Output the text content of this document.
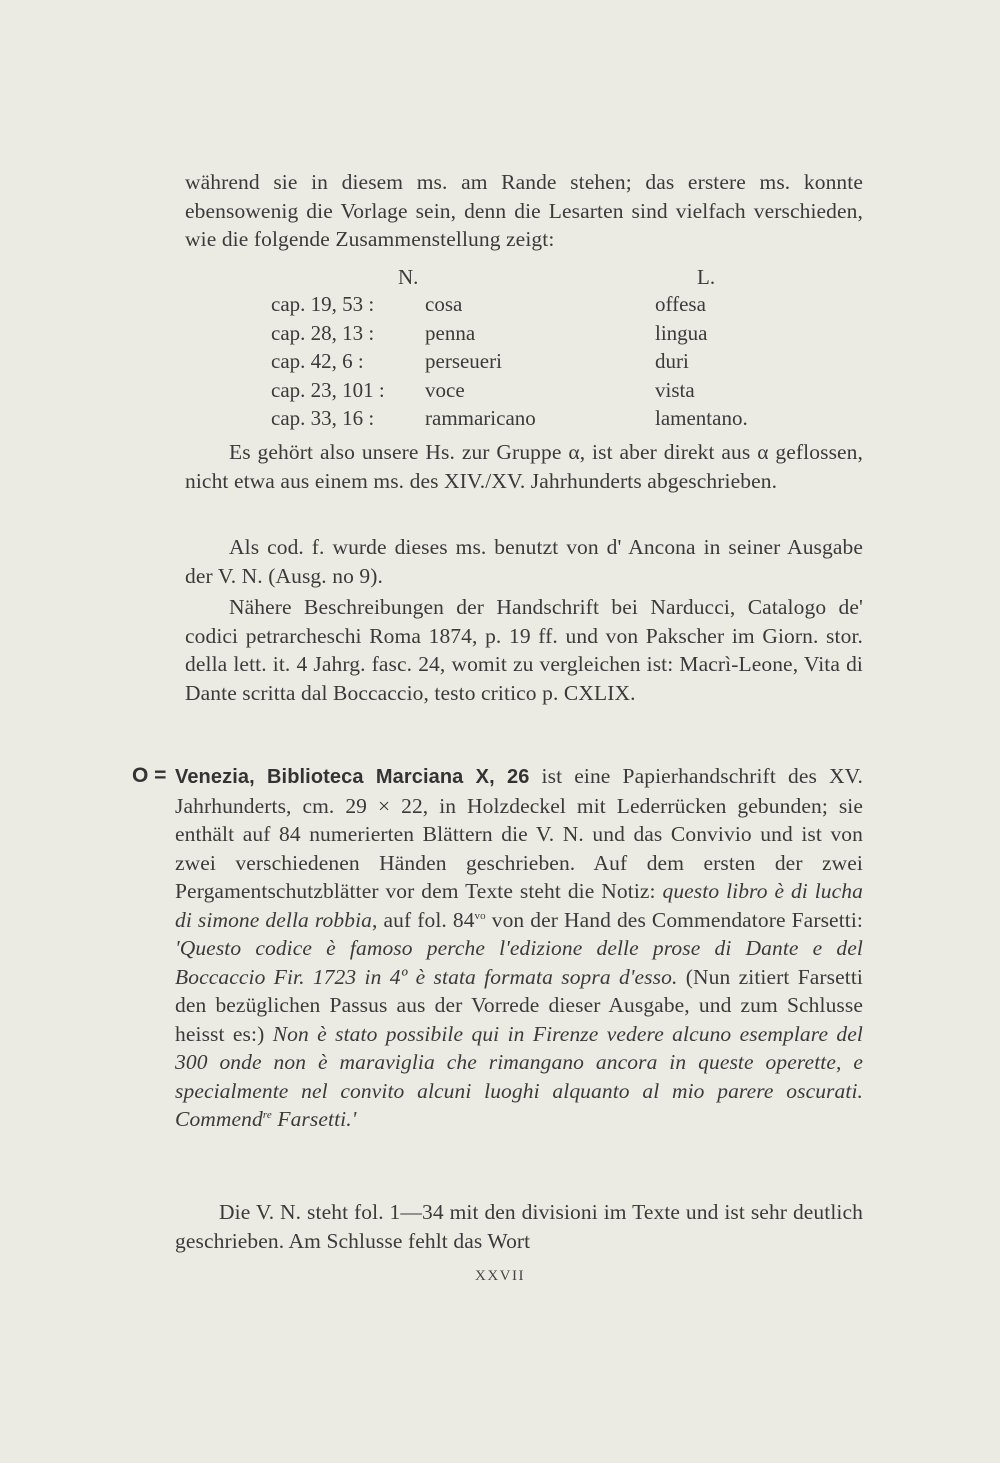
während sie in diesem ms. am Rande stehen; das erstere ms. konnte ebensowenig die Vorlage sein, denn die Lesarten sind vielfach verschieden, wie die folgende Zusammenstellung zeigt:
N.	L.
cap. 19, 53 : cosa	offesa
cap. 28, 13 : penna	lingua
cap. 42, 6 :	perseueri	duri
cap. 23, 101 : voce	vista
cap. 33, 16 : rammaricano	lamentano.
Es gehört also unsere Hs. zur Gruppe α, ist aber direkt aus α geflossen, nicht etwa aus einem ms. des XIV./XV. Jahrhunderts abgeschrieben.
Als cod. f. wurde dieses ms. benutzt von d' Ancona in seiner Ausgabe der V. N. (Ausg. no 9).
Nähere Beschreibungen der Handschrift bei Narducci, Catalogo de' codici petrarcheschi Roma 1874, p. 19 ff. und von Pakscher im Giorn. stor. della lett. it. 4 Jahrg. fasc. 24, womit zu vergleichen ist: Macrì-Leone, Vita di Dante scritta dal Boccaccio, testo critico p. CXLIX.
O = Venezia, Biblioteca Marciana X, 26 ist eine Papierhandschrift des XV. Jahrhunderts, cm. 29 × 22, in Holzdeckel mit Lederrücken gebunden; sie enthält auf 84 numerierten Blättern die V. N. und das Convivio und ist von zwei verschiedenen Händen geschrieben. Auf dem ersten der zwei Pergamentschutzblätter vor dem Texte steht die Notiz: questo libro è di lucha di simone della robbia, auf fol. $84^{vo}$ von der Hand des Commendatore Farsetti: 'Questo codice è famoso perche l'edizione delle prose di Dante e del Boccaccio Fir. 1723 in 4º è stata formata sopra d'esso. (Nun zitiert Farsetti den bezüglichen Passus aus der Vorrede dieser Ausgabe, und zum Schlusse heisst es:) Non è stato possibile qui in Firenze vedere alcuno esemplare del 300 onde non è maraviglia che rimangano ancora in queste operette, e specialmente nel convito alcuni luoghi alquanto al mio parere oscurati. Commend$^{re}$ Farsetti.'
Die V. N. steht fol. 1—34 mit den divisioni im Texte und ist sehr deutlich geschrieben. Am Schlusse fehlt das Wort
XXVII
